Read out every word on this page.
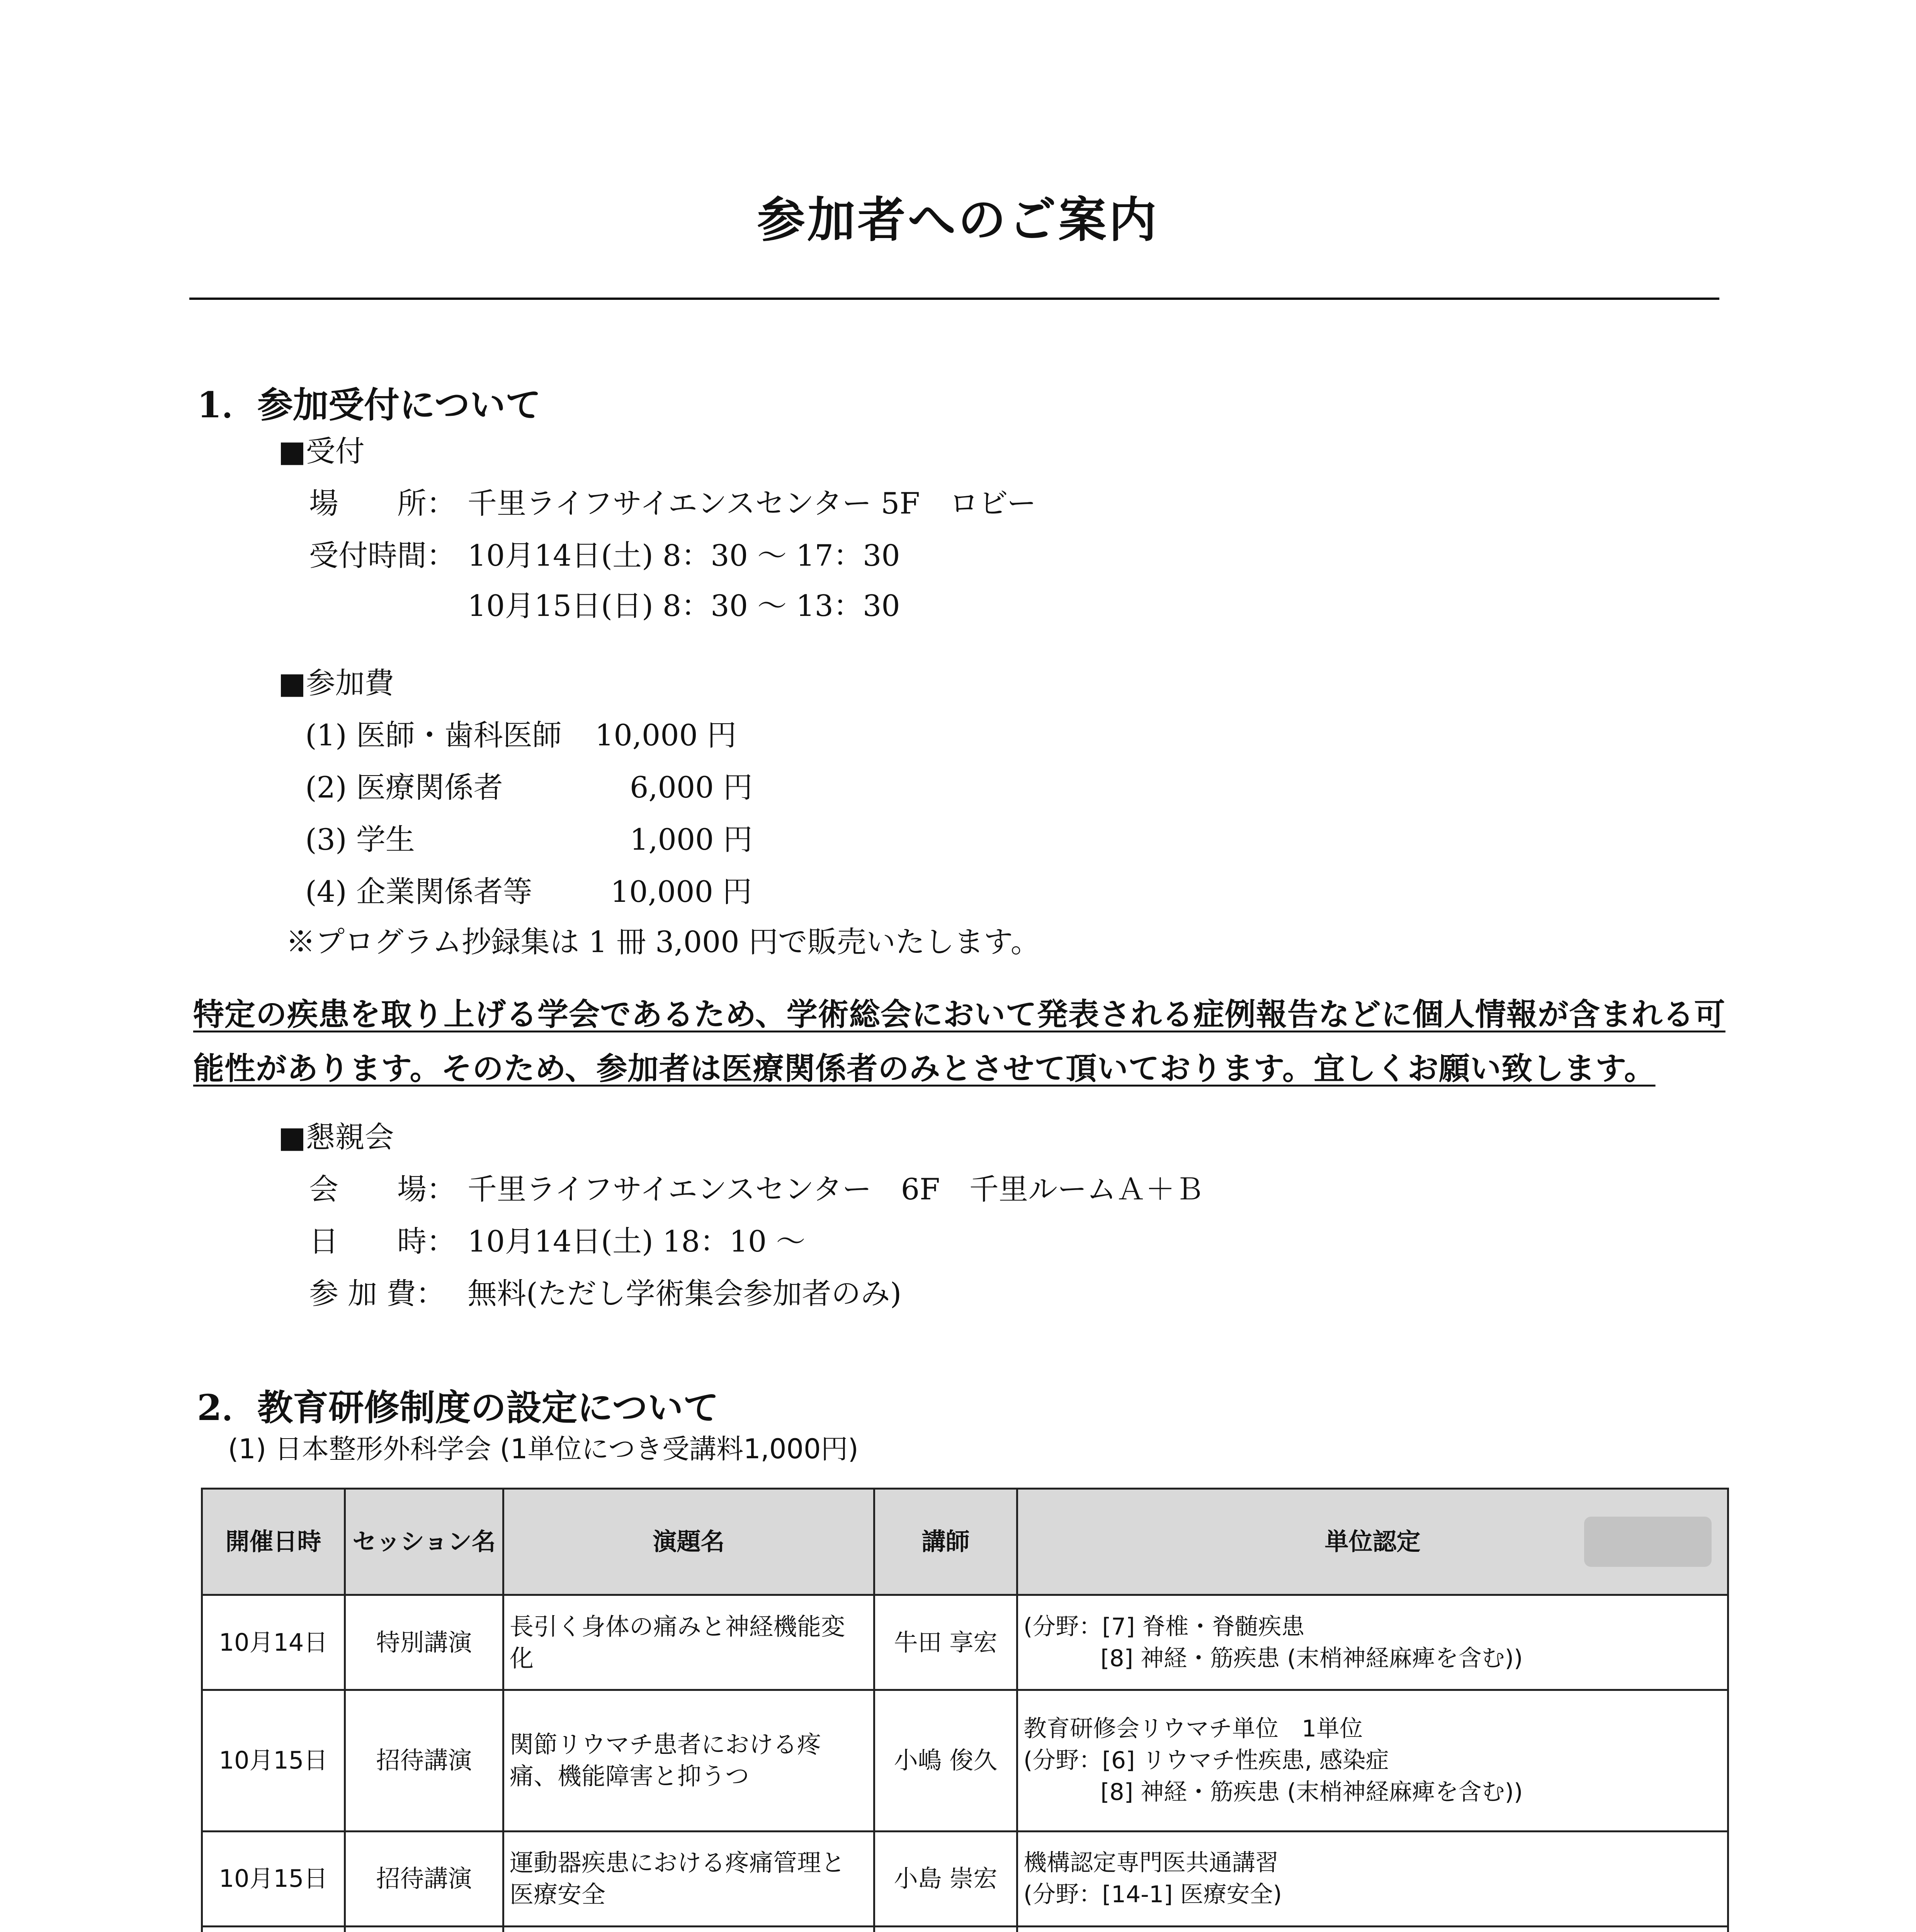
参加者へのご案内
1．参加受付について
■受付
場　　所： 千里ライフサイエンスセンター 5F　ロビー
受付時間： 10月14日(土) 8：30 ～ 17：30
10月15日(日) 8：30 ～ 13：30
■参加費
(1) 医師・歯科医師 10,000 円
(2) 医療関係者	6,000 円
(3) 学生	1,000 円
(4) 企業関係者等	10,000 円
※プログラム抄録集は 1 冊 3,000 円で販売いたします。
特定の疾患を取り上げる学会であるため、学術総会において発表される症例報告などに個人情報が含まれる可能性があります。そのため、参加者は医療関係者のみとさせて頂いております。宜しくお願い致します。
■懇親会
会　　場： 千里ライフサイエンスセンター　6F　千里ルームＡ＋Ｂ
日　　時： 10月14日(土) 18：10 ～
参 加 費： 無料(ただし学術集会参加者のみ)
2．教育研修制度の設定について
(1) 日本整形外科学会 (1単位につき受講料1,000円)
開催日時	セッション名	演題名	講師	単位認定

10月14日	特別講演	長引く身体の痛みと神経機能変化	牛田 享宏	(分野：[7] 脊椎・脊髄疾患
　　　 [8] 神経・筋疾患 (末梢神経麻痺を含む))
10月15日	招待講演	関節リウマチ患者における疼痛、機能障害と抑うつ	小嶋 俊久	教育研修会リウマチ単位　1単位
(分野：[6] リウマチ性疾患, 感染症
　　　 [8] 神経・筋疾患 (末梢神経麻痺を含む))
10月15日	招待講演	運動器疾患における疼痛管理と医療安全	小島 崇宏	機構認定専門医共通講習
(分野：[14-1] 医療安全)
